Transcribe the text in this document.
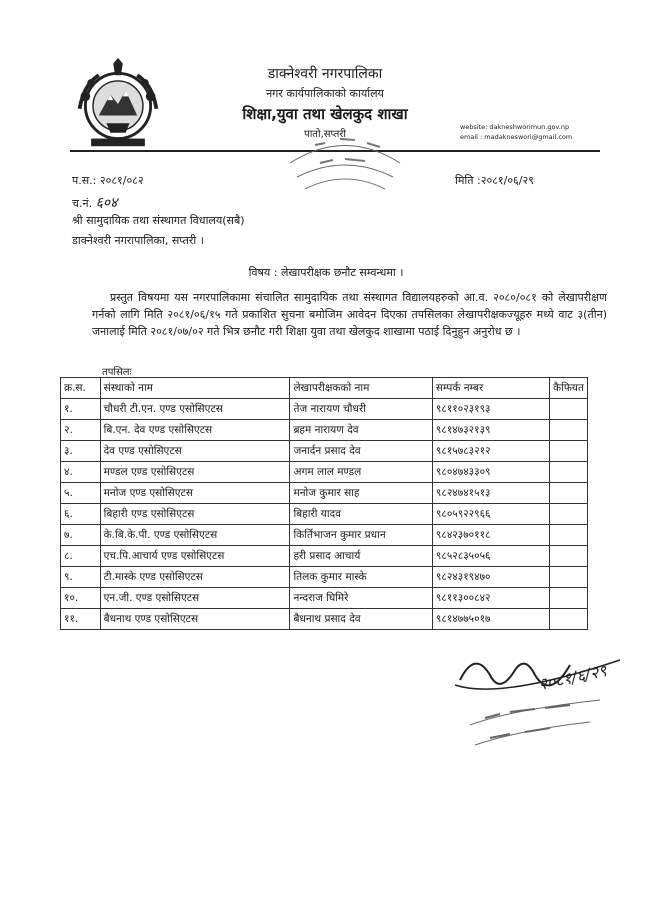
डाक्नेश्वरी नगरपालिका
नगर कार्यपालिकाको कार्यालय
शिक्षा,युवा तथा खेलकुद शाखा
पातो,सप्तरी
website: dakneshworimun.gov.np
email : madakneswori@gmail.com
प.स.: २०८१/०८२
च.नं. ६०४
मिति :२०८१/०६/२९
श्री सामुदायिक तथा संस्थागत विधालय(सबै)
डाक्नेश्वरी नगरापालिका, सप्तरी ।
विषय : लेखापरीक्षक छनौट सम्वन्धमा ।
प्रस्तुत विषयमा यस नगरपालिकामा संचालित सामुदायिक तथा संस्थागत विद्यालयहरुको आ.व. २०८०/०८१ को लेखापरीक्षण गर्नको लागि मिति २०८१/०६/१५ गते प्रकाशित सुचना बमोजिम आवेदन दिएका तपसिलका लेखापरीक्षकज्यूहरु मध्ये वाट ३(तीन) जनालाई मिति २०८१/०७/०२ गते भित्र छनौट गरी शिक्षा युवा तथा खेलकुद शाखामा पठाई दिनुहुन अनुरोध छ ।
तपसिलः
क्र.स.	संस्थाको नाम	लेखापरीक्षकको नाम	सम्पर्क नम्बर	कैफियत
१.	चौधरी टी.एन. एण्ड एसोसिएटस	तेज नारायण चौधरी	९८११०२३१९३	
२.	बि.एन. देव एण्ड एसोसिएटस	ब्रहम नारायण देव	९८१४७३२१३९	
३.	देव एण्ड एसोसिएटस	जनार्दन प्रसाद देव	९८१५७८३२१२	
४.	मण्डल एण्ड एसोसिएटस	अगम लाल मण्डल	९८०४७४३३०९	
५.	मनोज एण्ड एसोसिएटस	मनोज कुमार साह	९८२४७४१५१३	
६.	बिहारी एण्ड एसोसिएटस	बिहारी यादव	९८०५९२२९६६	
७.	के.बि.के.पी. एण्ड एसोसिएटस	किर्तिभाजन कुमार प्रधान	९८४२३७०११८	
८.	एच.पि.आचार्य एण्ड एसोसिएटस	हरी प्रसाद आचार्य	९८५२८३५०५६	
९.	टी.मास्के एण्ड एसोसिएटस	तिलक कुमार मास्के	९८२४३१९४७०	
१०.	एन.जी. एण्ड एसोसिएटस	नन्दराज घिमिरे	९८११३००८४२	
११.	बैधनाथ एण्ड एसोसिएटस	बैधनाथ प्रसाद देव	९८१४७७५०१७	
२०८१/६/२९
